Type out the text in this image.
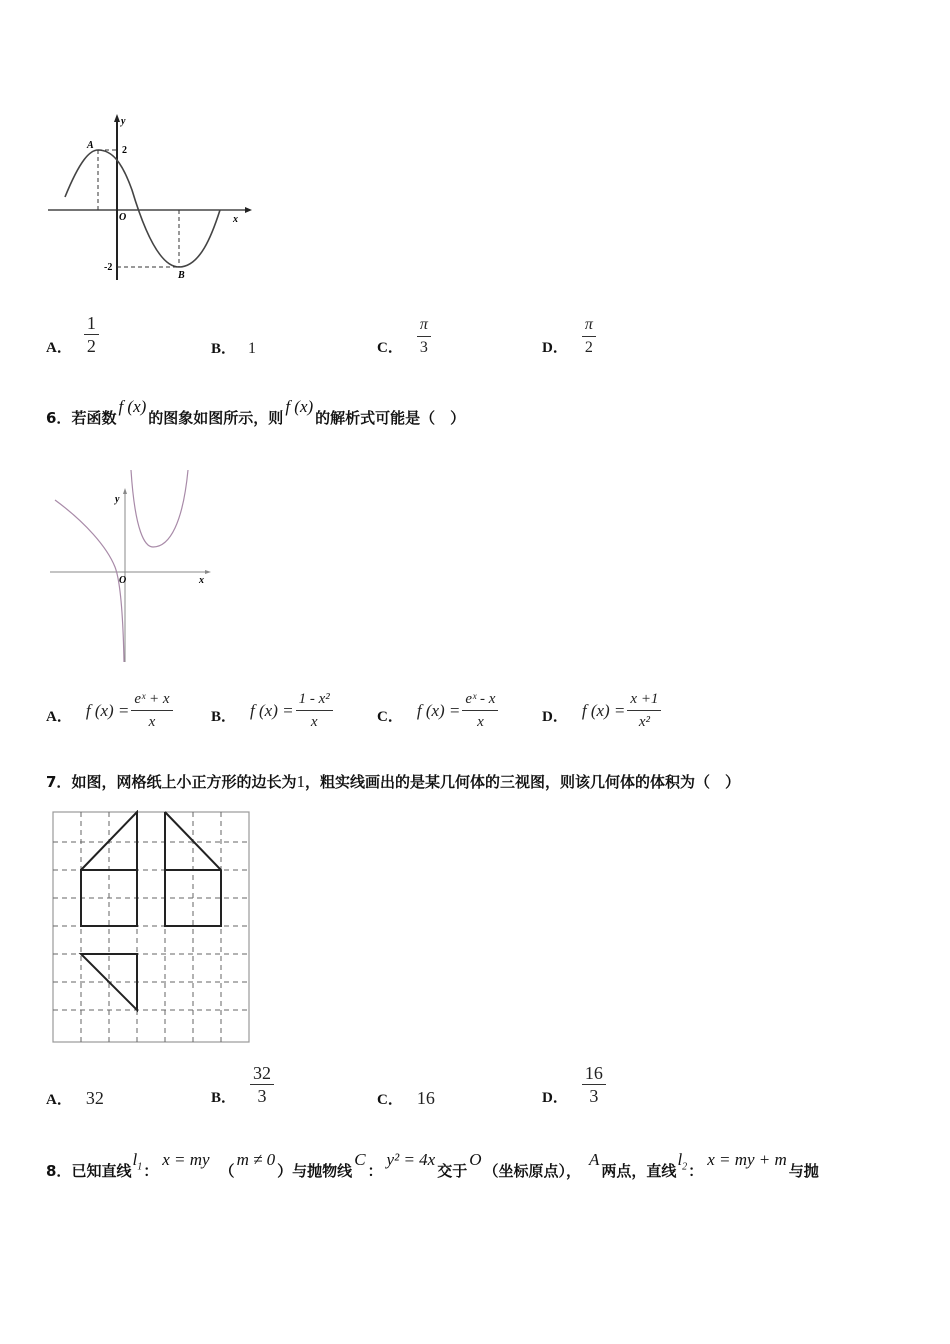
y
x
O
A
B
2
-2
A． $\frac{1}{2}$	B． 1	C． $\frac{\pi}{3}$	D． $\frac{\pi}{2}$
6． 若函数
f (x)
的图象如图所示，则
f (x)
的解析式可能是（　）
y
x
O
A． f $(x) = \frac{\text{eˣ + x}}{x}$	B． f $(x) = \frac{\text{1 - x²}}{x}$	C． f $(x) = \frac{\text{eˣ - x}}{x}$	D． f $(x) = \frac{x +1}{\text{x²}}$
7．如图，网格纸上小正方形的边长为1，粗实线画出的是某几何体的三视图，则该几何体的体积为（　）
A． 32	B． $\frac{32}{3}$	C． 16	D． $\frac{16}{3}$
8． 已知直线
$l_1$ ：
x = my
（
m ≠ 0
）与抛物线
C
：
y² = 4x
交于
O
（坐标原点），
A
两点，直线
$l_2$ ：
x = my + m
与抛
